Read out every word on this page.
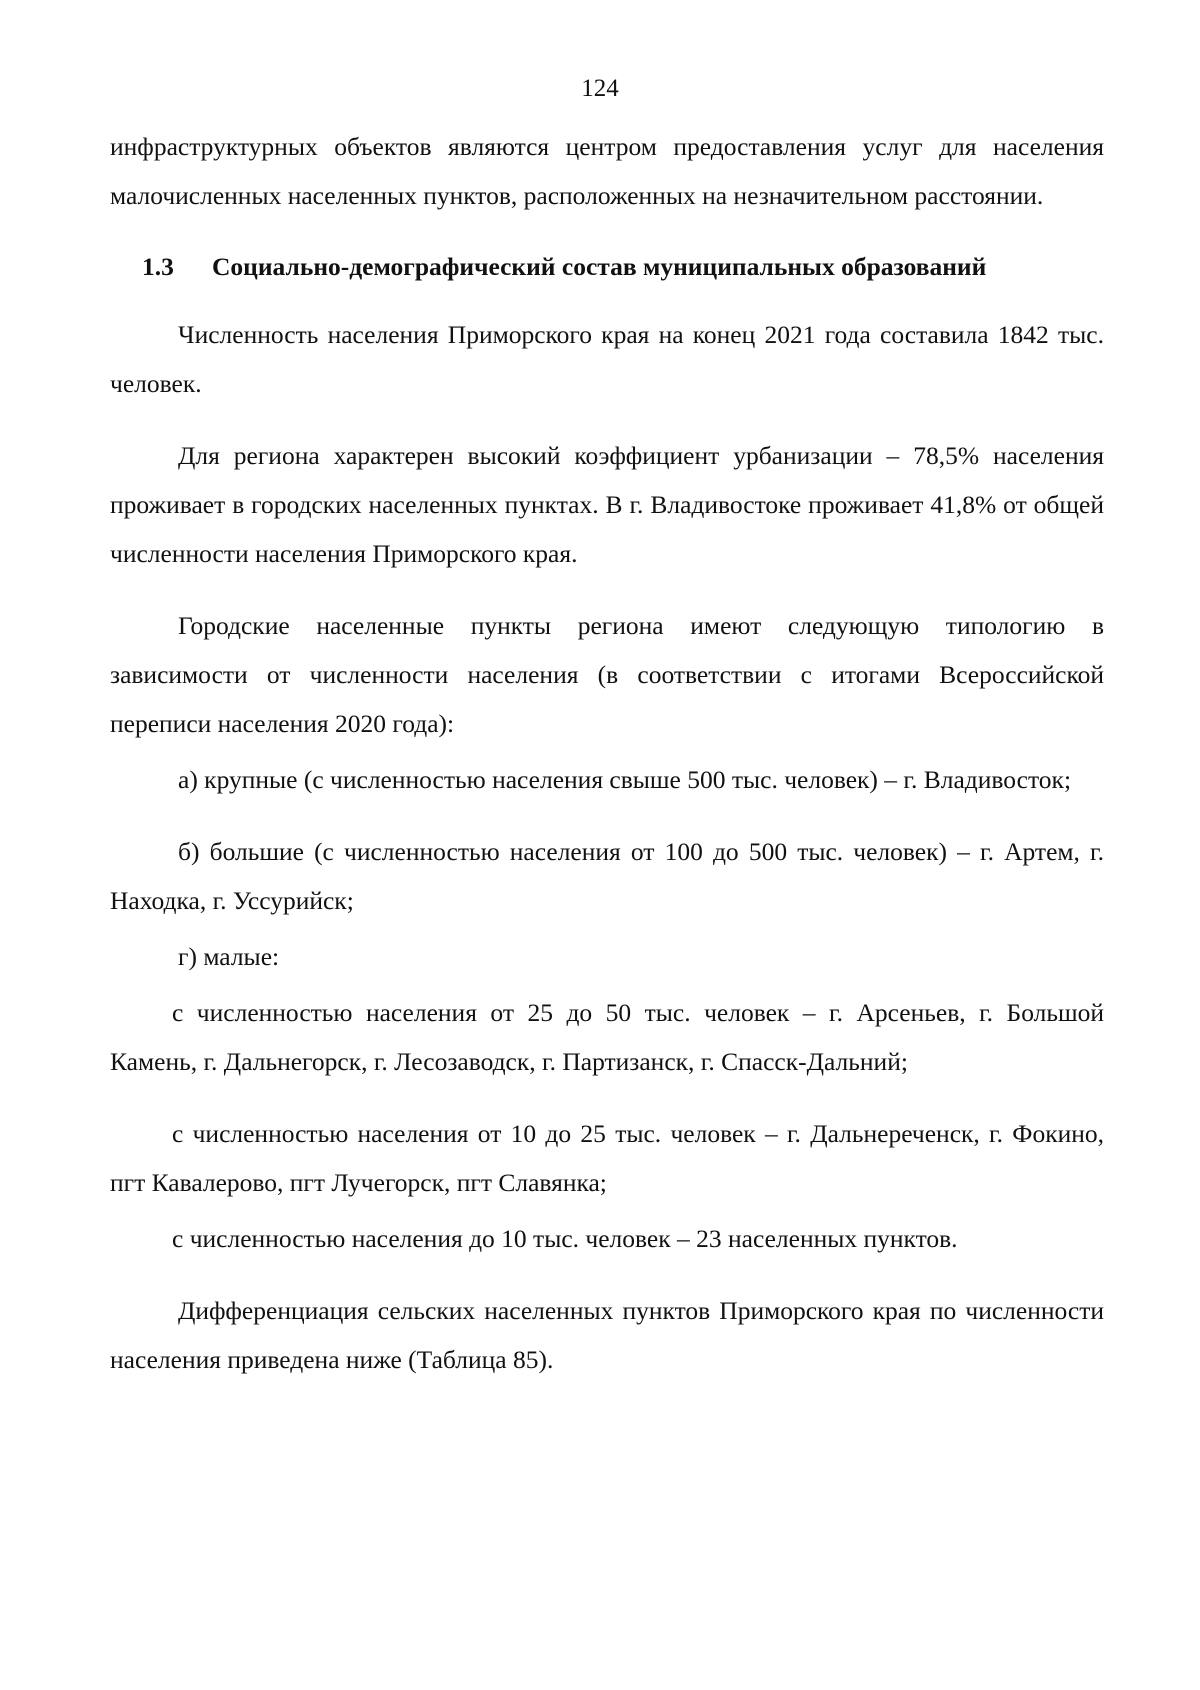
124

инфраструктурных объектов являются центром предоставления услуг для населения малочисленных населенных пунктов, расположенных на незначительном расстоянии.

1.3	Социально-демографический состав муниципальных образований

Численность населения Приморского края на конец 2021 года составила 1842 тыс. человек.

Для региона характерен высокий коэффициент урбанизации – 78,5% населения проживает в городских населенных пунктах. В г. Владивостоке проживает 41,8% от общей численности населения Приморского края.

Городские населенные пункты региона имеют следующую типологию в зависимости от численности населения (в соответствии с итогами Всероссийской переписи населения 2020 года):

а) крупные (с численностью населения свыше 500 тыс. человек) – г. Владивосток;

б) большие (с численностью населения от 100 до 500 тыс. человек) – г. Артем, г. Находка, г. Уссурийск;

г) малые:

с численностью населения от 25 до 50 тыс. человек – г. Арсеньев, г. Большой Камень, г. Дальнегорск, г. Лесозаводск, г. Партизанск, г. Спасск-Дальний;

с численностью населения от 10 до 25 тыс. человек – г. Дальнереченск, г. Фокино, пгт Кавалерово, пгт Лучегорск, пгт Славянка;

с численностью населения до 10 тыс. человек – 23 населенных пунктов.

Дифференциация сельских населенных пунктов Приморского края по численности населения приведена ниже (Таблица 85).
